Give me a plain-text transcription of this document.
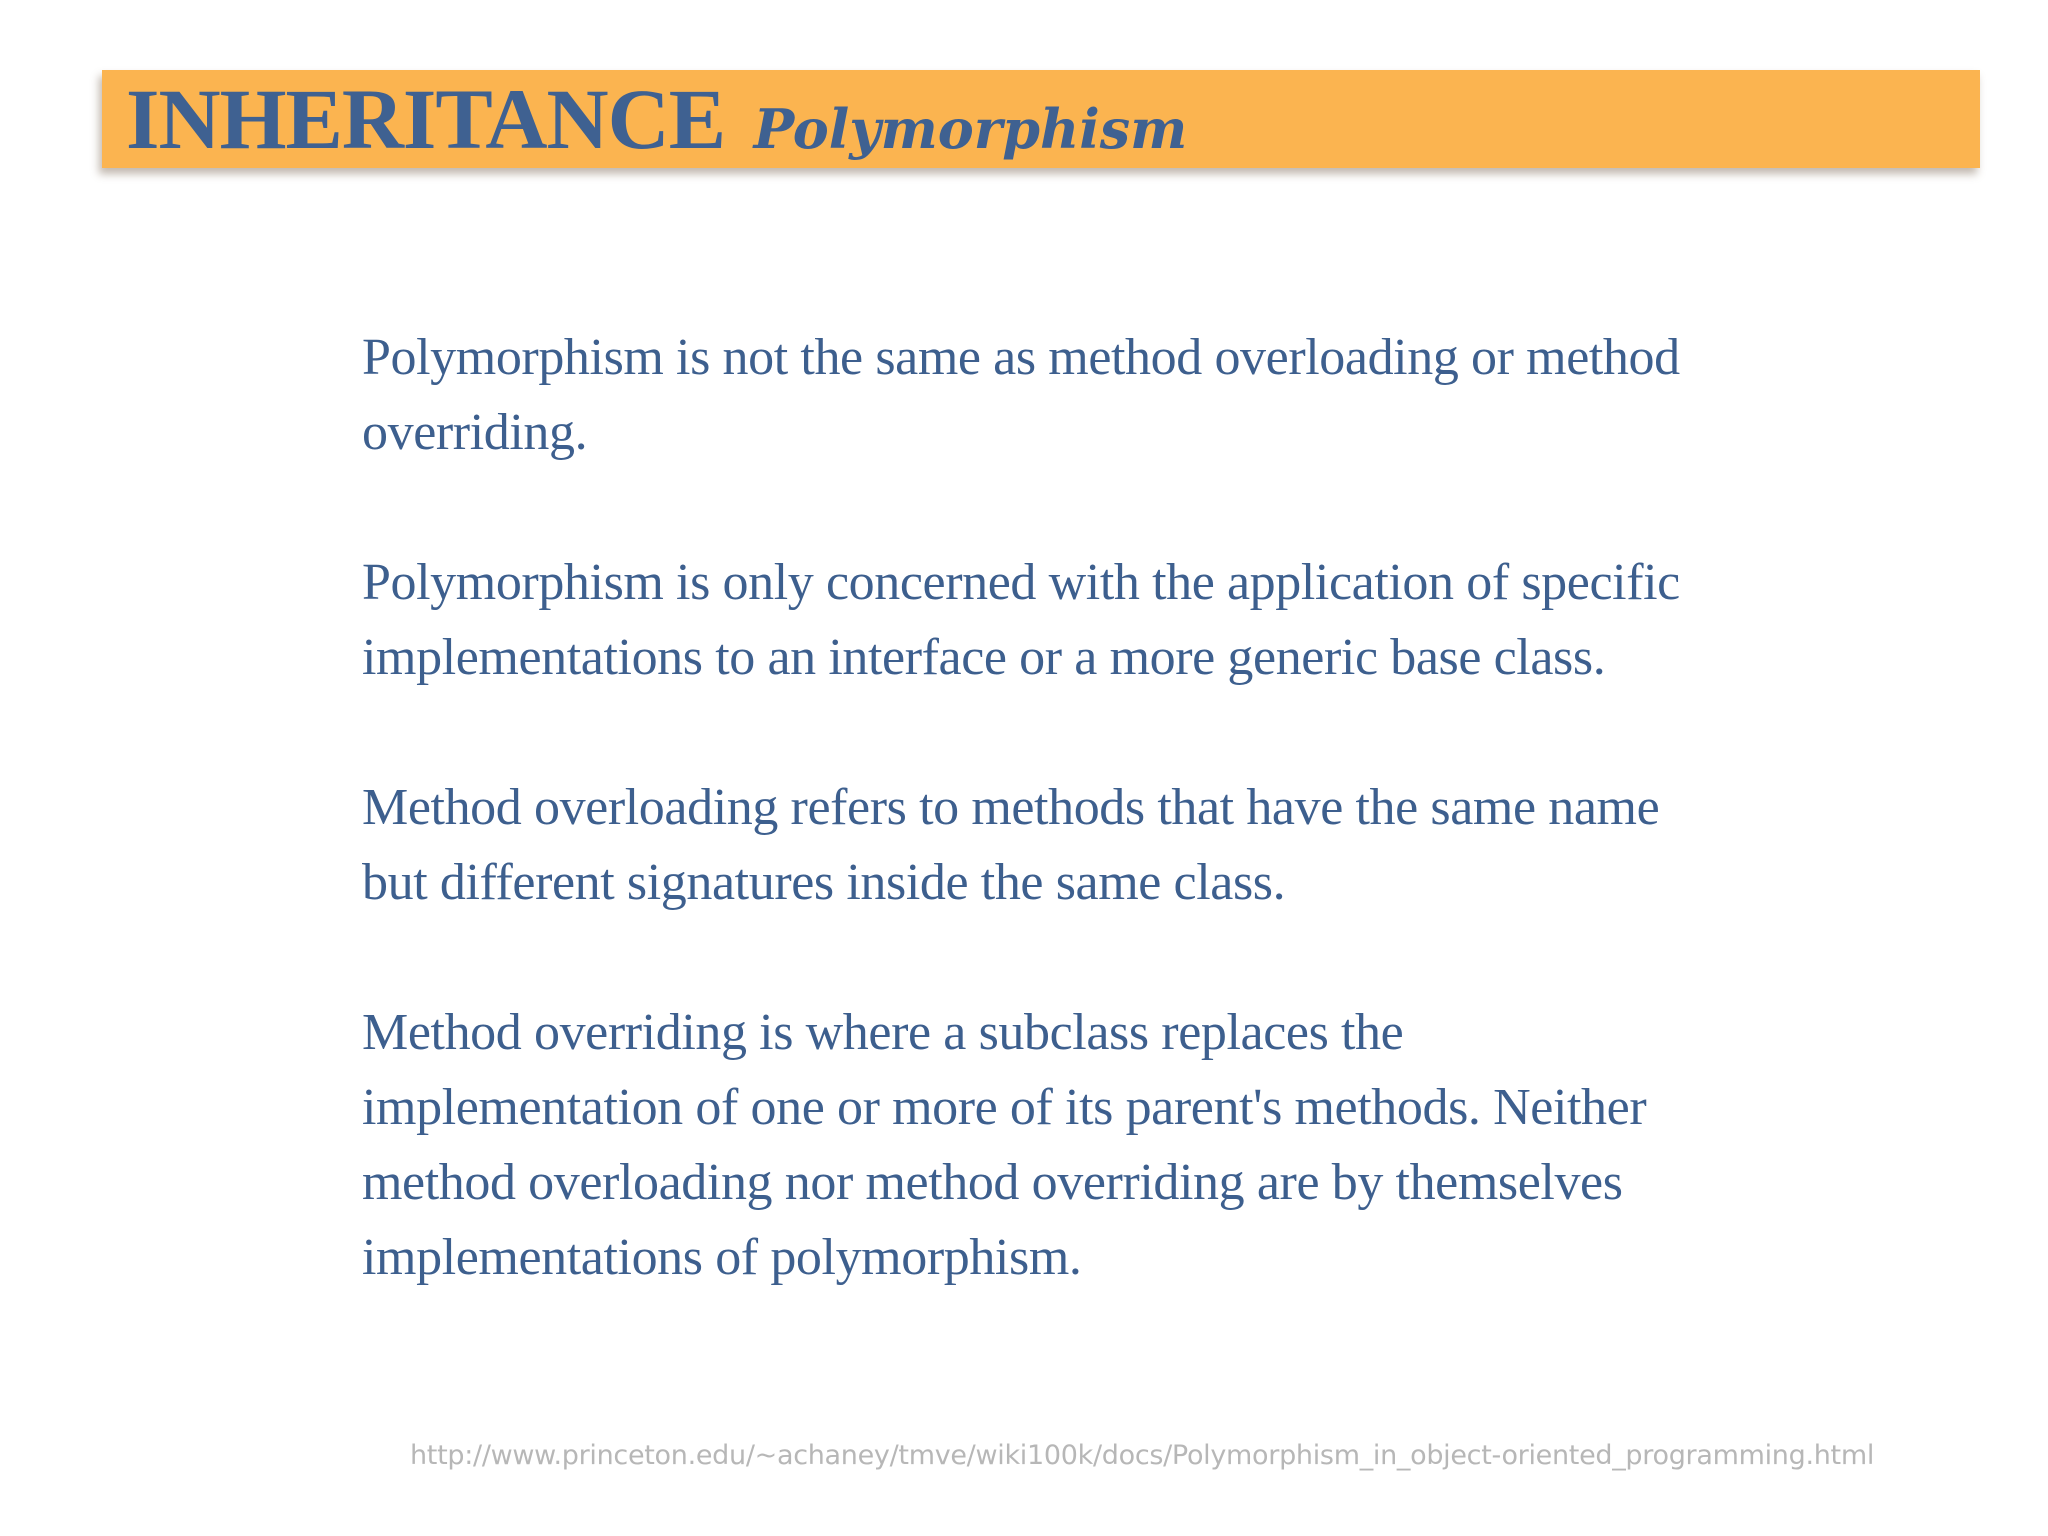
INHERITANCE Polymorphism

Polymorphism is not the same as method overloading or method overriding.

Polymorphism is only concerned with the application of specific implementations to an interface or a more generic base class.

Method overloading refers to methods that have the same name but different signatures inside the same class.

Method overriding is where a subclass replaces the implementation of one or more of its parent's methods. Neither method overloading nor method overriding are by themselves implementations of polymorphism.

http://www.princeton.edu/~achaney/tmve/wiki100k/docs/Polymorphism_in_object-oriented_programming.html
